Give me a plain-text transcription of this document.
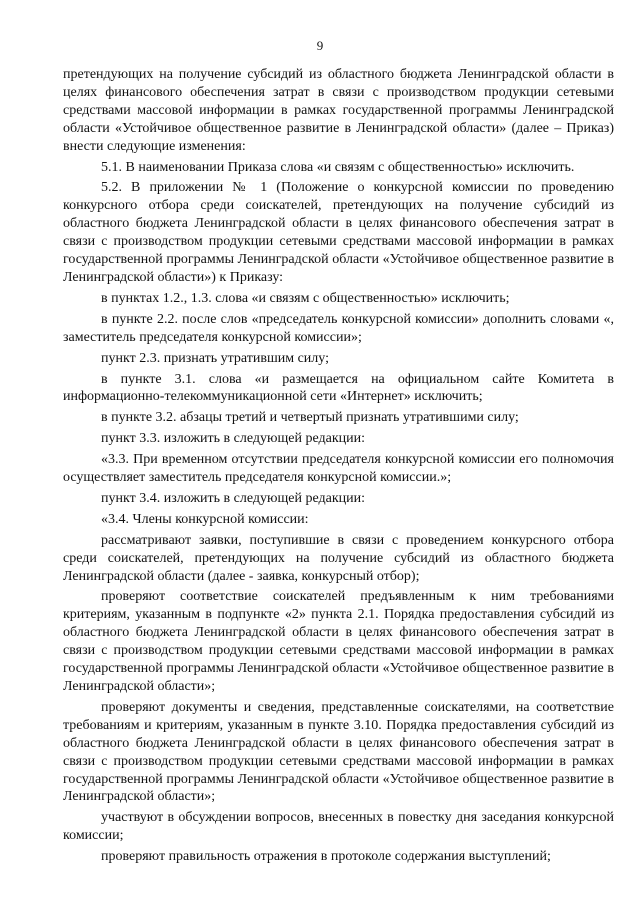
9

претендующих на получение субсидий из областного бюджета Ленинградской области в целях финансового обеспечения затрат в связи с производством продукции сетевыми средствами массовой информации в рамках государственной программы Ленинградской области «Устойчивое общественное развитие в Ленинградской области» (далее – Приказ) внести следующие изменения:

5.1. В наименовании Приказа слова «и связям с общественностью» исключить.

5.2. В приложении № 1 (Положение о конкурсной комиссии по проведению конкурсного отбора среди соискателей, претендующих на получение субсидий из областного бюджета Ленинградской области в целях финансового обеспечения затрат в связи с производством продукции сетевыми средствами массовой информации в рамках государственной программы Ленинградской области «Устойчивое общественное развитие в Ленинградской области») к Приказу:

в пунктах 1.2., 1.3. слова «и связям с общественностью» исключить;

в пункте 2.2. после слов «председатель конкурсной комиссии» дополнить словами «, заместитель председателя конкурсной комиссии»;

пункт 2.3. признать утратившим силу;

в пункте 3.1. слова «и размещается на официальном сайте Комитета в информационно-телекоммуникационной сети «Интернет» исключить;

в пункте 3.2. абзацы третий и четвертый признать утратившими силу;

пункт 3.3. изложить в следующей редакции:

«3.3. При временном отсутствии председателя конкурсной комиссии его полномочия осуществляет заместитель председателя конкурсной комиссии.»;

пункт 3.4. изложить в следующей редакции:

«3.4. Члены конкурсной комиссии:

рассматривают заявки, поступившие в связи с проведением конкурсного отбора среди соискателей, претендующих на получение субсидий из областного бюджета Ленинградской области (далее - заявка, конкурсный отбор);

проверяют соответствие соискателей предъявленным к ним требованиями критериям, указанным в подпункте «2» пункта 2.1. Порядка предоставления субсидий из областного бюджета Ленинградской области в целях финансового обеспечения затрат в связи с производством продукции сетевыми средствами массовой информации в рамках государственной программы Ленинградской области «Устойчивое общественное развитие в Ленинградской области»;

проверяют документы и сведения, представленные соискателями, на соответствие требованиям и критериям, указанным в пункте 3.10. Порядка предоставления субсидий из областного бюджета Ленинградской области в целях финансового обеспечения затрат в связи с производством продукции сетевыми средствами массовой информации в рамках государственной программы Ленинградской области «Устойчивое общественное развитие в Ленинградской области»;

участвуют в обсуждении вопросов, внесенных в повестку дня заседания конкурсной комиссии;

проверяют правильность отражения в протоколе содержания выступлений;
